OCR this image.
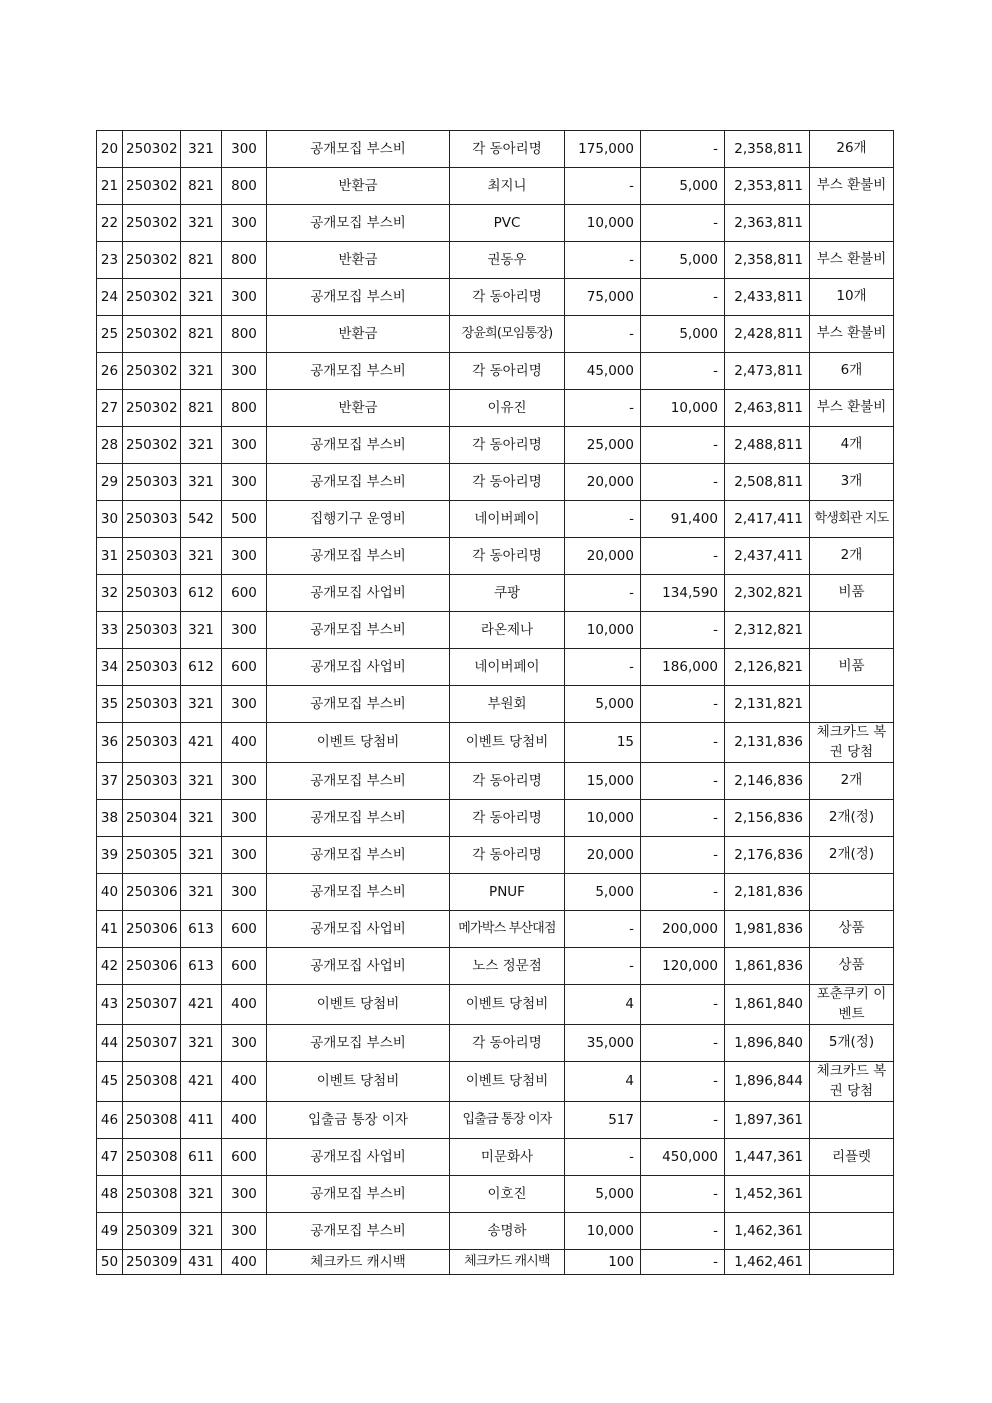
20	250302	321	300	공개모집 부스비	각 동아리명	175,000	-	2,358,811	26개
21	250302	821	800	반환금	최지니	-	5,000	2,353,811	부스 환불비
22	250302	321	300	공개모집 부스비	PVC	10,000	-	2,363,811	
23	250302	821	800	반환금	권동우	-	5,000	2,358,811	부스 환불비
24	250302	321	300	공개모집 부스비	각 동아리명	75,000	-	2,433,811	10개
25	250302	821	800	반환금	장윤희(모임통장)	-	5,000	2,428,811	부스 환불비
26	250302	321	300	공개모집 부스비	각 동아리명	45,000	-	2,473,811	6개
27	250302	821	800	반환금	이유진	-	10,000	2,463,811	부스 환불비
28	250302	321	300	공개모집 부스비	각 동아리명	25,000	-	2,488,811	4개
29	250303	321	300	공개모집 부스비	각 동아리명	20,000	-	2,508,811	3개
30	250303	542	500	집행기구 운영비	네이버페이	-	91,400	2,417,411	학생회관 지도
31	250303	321	300	공개모집 부스비	각 동아리명	20,000	-	2,437,411	2개
32	250303	612	600	공개모집 사업비	쿠팡	-	134,590	2,302,821	비품
33	250303	321	300	공개모집 부스비	라온제나	10,000	-	2,312,821	
34	250303	612	600	공개모집 사업비	네이버페이	-	186,000	2,126,821	비품
35	250303	321	300	공개모집 부스비	부원회	5,000	-	2,131,821	
36	250303	421	400	이벤트 당첨비	이벤트 당첨비	15	-	2,131,836	체크카드 복권 당첨
37	250303	321	300	공개모집 부스비	각 동아리명	15,000	-	2,146,836	2개
38	250304	321	300	공개모집 부스비	각 동아리명	10,000	-	2,156,836	2개(정)
39	250305	321	300	공개모집 부스비	각 동아리명	20,000	-	2,176,836	2개(정)
40	250306	321	300	공개모집 부스비	PNUF	5,000	-	2,181,836	
41	250306	613	600	공개모집 사업비	메가박스 부산대점	-	200,000	1,981,836	상품
42	250306	613	600	공개모집 사업비	노스 정문점	-	120,000	1,861,836	상품
43	250307	421	400	이벤트 당첨비	이벤트 당첨비	4	-	1,861,840	포춘쿠키 이벤트
44	250307	321	300	공개모집 부스비	각 동아리명	35,000	-	1,896,840	5개(정)
45	250308	421	400	이벤트 당첨비	이벤트 당첨비	4	-	1,896,844	체크카드 복권 당첨
46	250308	411	400	입출금 통장 이자	입출금 통장 이자	517	-	1,897,361	
47	250308	611	600	공개모집 사업비	미문화사	-	450,000	1,447,361	리플렛
48	250308	321	300	공개모집 부스비	이호진	5,000	-	1,452,361	
49	250309	321	300	공개모집 부스비	송명하	10,000	-	1,462,361	
50	250309	431	400	체크카드 캐시백	체크카드 캐시백	100	-	1,462,461	
